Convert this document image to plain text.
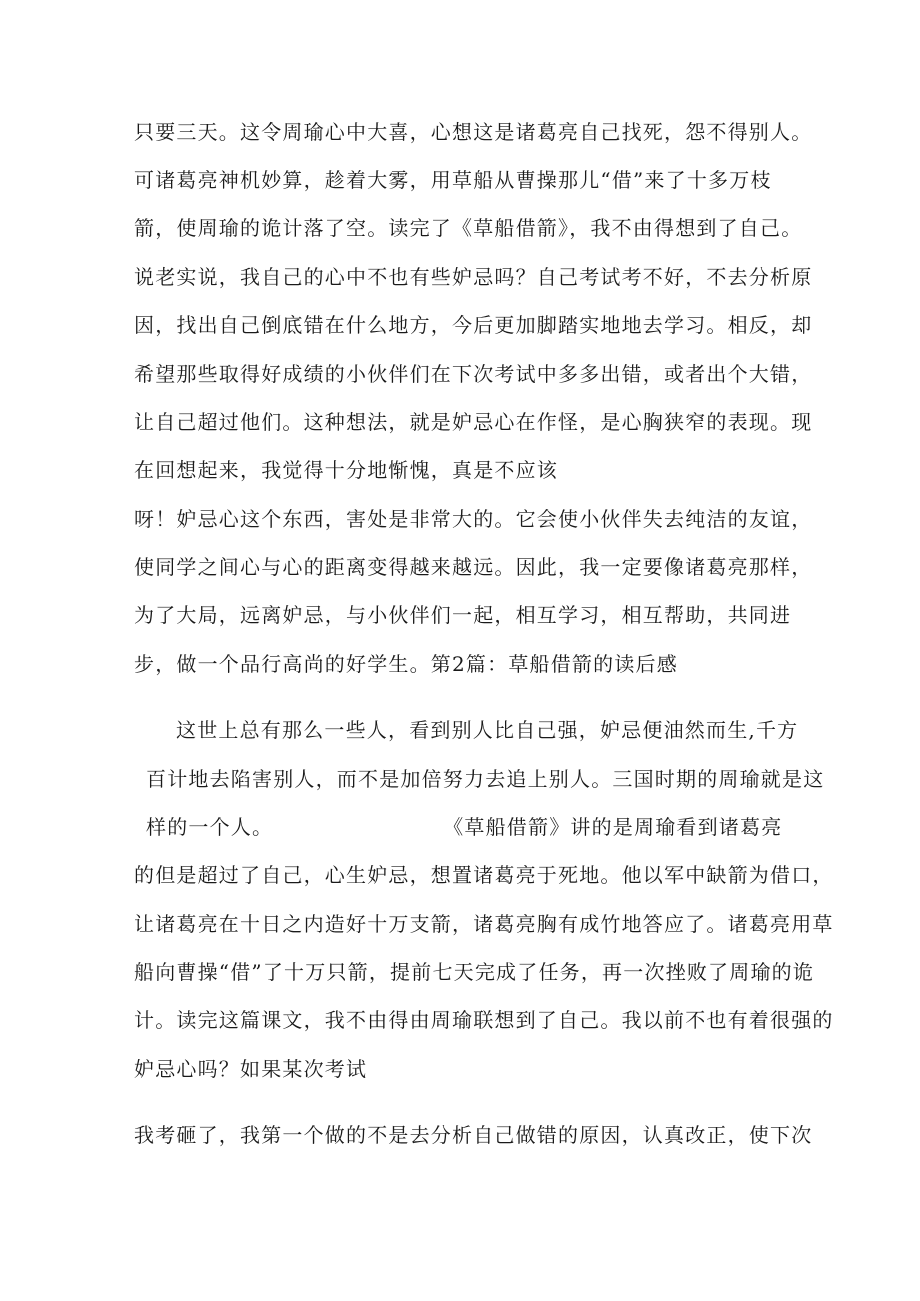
只要三天。这令周瑜心中大喜，心想这是诸葛亮自己找死，怨不得别人。
可诸葛亮神机妙算，趁着大雾，用草船从曹操那儿“借”来了十多万枝
箭，使周瑜的诡计落了空。读完了《草船借箭》，我不由得想到了自己。
说老实说，我自己的心中不也有些妒忌吗？自己考试考不好，不去分析原
因，找出自己倒底错在什么地方，今后更加脚踏实地地去学习。相反，却
希望那些取得好成绩的小伙伴们在下次考试中多多出错，或者出个大错，
让自己超过他们。这种想法，就是妒忌心在作怪，是心胸狭窄的表现。现
在回想起来，我觉得十分地惭愧，真是不应该
呀！妒忌心这个东西，害处是非常大的。它会使小伙伴失去纯洁的友谊，
使同学之间心与心的距离变得越来越远。因此，我一定要像诸葛亮那样，
为了大局，远离妒忌，与小伙伴们一起，相互学习，相互帮助，共同进
步，做一个品行高尚的好学生。第2篇：草船借箭的读后感
这世上总有那么一些人，看到别人比自己强，妒忌便油然而生,千方
百计地去陷害别人，而不是加倍努力去追上别人。三国时期的周瑜就是这
样的一个人。	《草船借箭》讲的是周瑜看到诸葛亮
的但是超过了自己，心生妒忌，想置诸葛亮于死地。他以军中缺箭为借口，
让诸葛亮在十日之内造好十万支箭，诸葛亮胸有成竹地答应了。诸葛亮用草
船向曹操“借”了十万只箭，提前七天完成了任务，再一次挫败了周瑜的诡
计。读完这篇课文，我不由得由周瑜联想到了自己。我以前不也有着很强的
妒忌心吗？如果某次考试
我考砸了，我第一个做的不是去分析自己做错的原因，认真改正，使下次
